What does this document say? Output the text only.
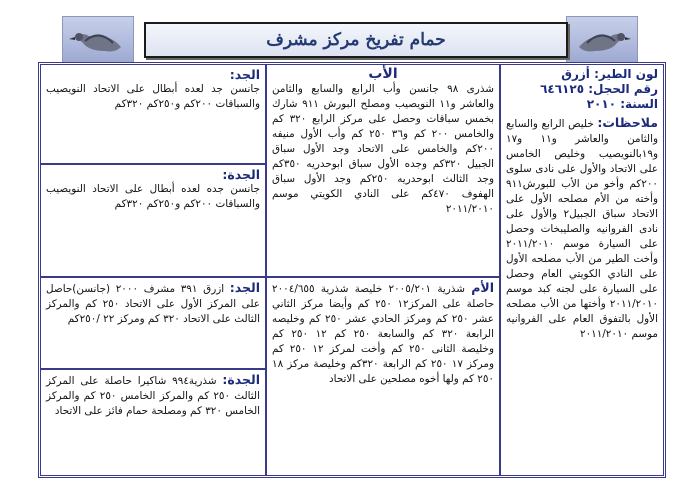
حمام تفريخ مركز مشرف
لون الطير: أزرق
رقم الحجل: ٦٤٦١٢٥
السنة: ٢٠١٠
ملاحظات: خليص الرابع والسابع والثامن والعاشر و١١ و١٧ و١٩بالنويصيب وخليص الخامس على الاتحاد والأول على نادى سلوى ٢٠٠كم وأخو من الأب للبورش٩١١ وأخته من الأم مصلحه الأول على الاتحاد سباق الجبيل٢ والأول على نادى الفروانيه والصليبخات وحصل على السيارة موسم ٢٠١١/٢٠١٠ وأخت الطير من الأب مصلحه الأول على النادي الكويتي العام وحصل على السيارة على لجنه كبد موسم ٢٠١١/٢٠١٠ وأختها من الأب مصلحه الأول بالتفوق العام على الفروانيه موسم ٢٠١١/٢٠١٠
الأب
شذرى ٩٨ جانسن وأب الرابع والسابع والثامن والعاشر و١١ النويصيب ومصلح البورش ٩١١ شارك بخمس سباقات وحصل على مركز الرابع ٣٢٠ كم والخامس ٢٠٠ كم و٣٦ ٢٥٠ كم وأب الأول منيفه ٢٠٠كم والخامس على الاتحاد وجد الأول سباق الجبيل ٣٢٠كم وجده الأول سباق ابوحدريه ٣٥٠كم وجد الثالث ابوحدريه ٢٥٠كم وجد الأول سباق الهفوف ٤٧٠كم على النادي الكويتي موسم ٢٠١١/٢٠١٠
الأم شذرية ٢٠٠٥/٢٠١ خليصة شذرية ٢٠٠٤/٦٥٥ حاصلة على المركز١٢ ٢٥٠ كم وأيضا مركز الثاني عشر ٢٥٠ كم ومركز الحادي عشر ٢٥٠ كم وخليصه الرابعة ٣٢٠ كم والسابعة ٢٥٠ كم ١٢ ٢٥٠ كم وخليصة الثانى ٢٥٠ كم وأخت لمركز ١٢ ٢٥٠ كم ومركز ١٧ ٢٥٠ كم الرابعة ٣٢٠كم وخليصة مركز ١٨ ٢٥٠ كم ولها أخوه مصلحين على الاتحاد
الجد:
جانسن جد لعده أبطال على الاتحاد النويصيب والسباقات ٢٠٠كم و٢٥٠كم ٣٢٠كم
الجدة:
جانسن جده لعده أبطال على الاتحاد النويصيب والسباقات ٢٠٠كم و٢٥٠كم ٣٢٠كم
الجد: ازرق ٣٩١ مشرف ٢٠٠٠ (جانسن)حاصل على المركز الأول على الاتحاد ٢٥٠ كم والمركز الثالث على الاتحاد ٣٢٠ كم ومركز ٢٢ /٢٥٠كم
الجدة: شذرية٩٩٤ شاكيرا حاصلة على المركز الثالث ٢٥٠ كم والمركز الخامس ٢٥٠ كم والمركز الخامس ٣٢٠ كم ومصلحة حمام فائز على الاتحاد
